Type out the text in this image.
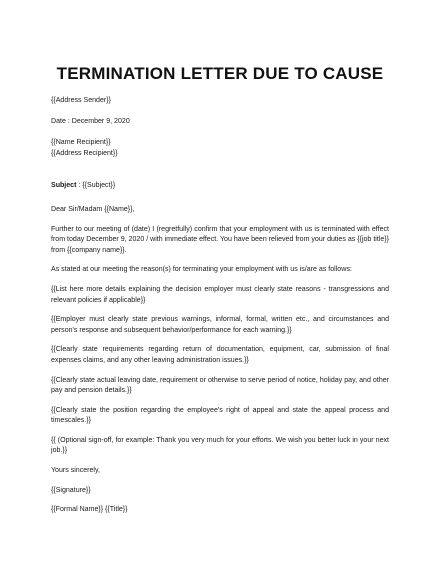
TERMINATION LETTER DUE TO CAUSE

{{Address Sender}}

Date : December 9, 2020

{{Name Recipient}}

{{Address Recipient}}

Subject : {{Subject}}

Dear Sir/Madam {{Name}},

Further to our meeting of (date) I (regretfully) confirm that your employment with us is terminated with effect from today December 9, 2020 / with immediate effect. You have been relieved from your duties as {{job title}} from {{company name}}.

As stated at our meeting the reason(s) for terminating your employment with us is/are as follows:

{{List here more details explaining the decision employer must clearly state reasons - transgressions and relevant policies if applicable}}

{{Employer must clearly state previous warnings, informal, formal, written etc., and circumstances and person's response and subsequent behavior/performance for each warning.}}

{{Clearly state requirements regarding return of documentation, equipment, car, submission of final expenses claims, and any other leaving administration issues.}}

{{Clearly state actual leaving date, requirement or otherwise to serve period of notice, holiday pay, and other pay and pension details.}}

{{Clearly state the position regarding the employee's right of appeal and state the appeal process and timescales.}}

{{ (Optional sign-off, for example: Thank you very much for your efforts. We wish you better luck in your next job.}}

Yours sincerely,

{{Signature}}

{{Formal Name}} {{Title}}
